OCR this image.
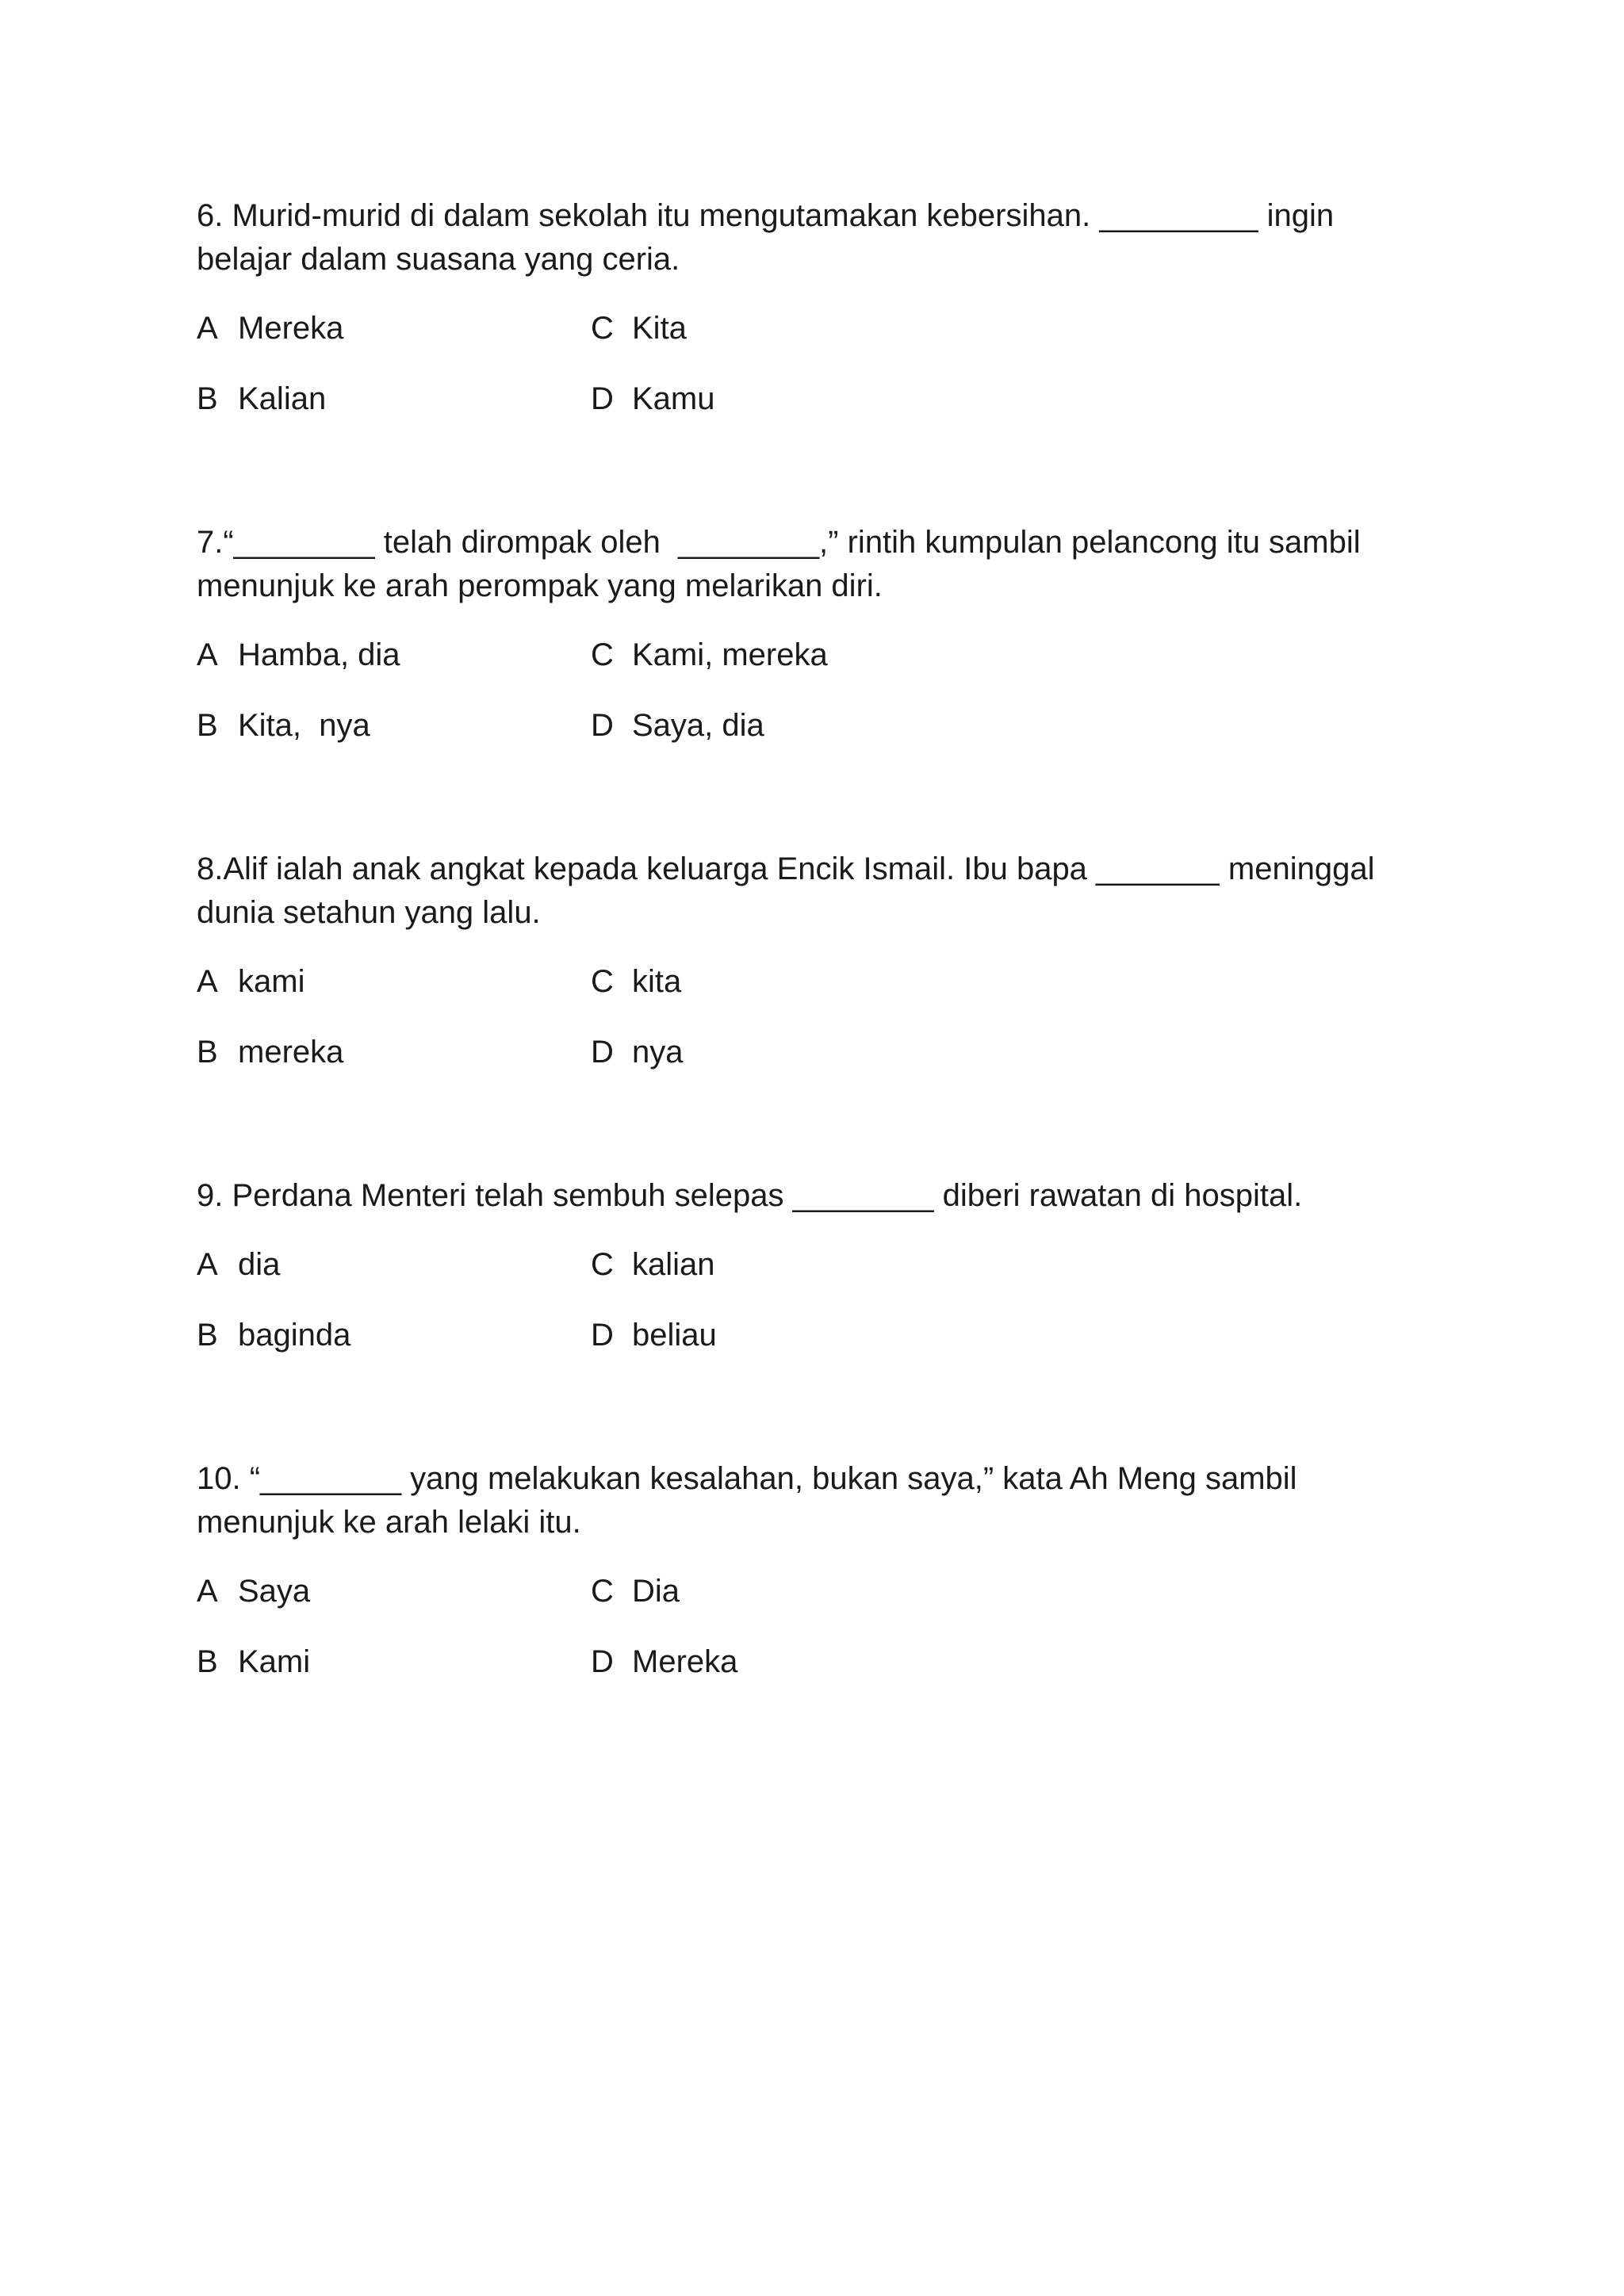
6. Murid-murid di dalam sekolah itu mengutamakan kebersihan. _________ ingin
belajar dalam suasana yang ceria.

A Mereka	C Kita
B Kalian	D Kamu

7.“________ telah dirompak oleh  ________,” rintih kumpulan pelancong itu sambil
menunjuk ke arah perompak yang melarikan diri.

A Hamba, dia	C Kami, mereka
B Kita,  nya	D Saya, dia

8.Alif ialah anak angkat kepada keluarga Encik Ismail. Ibu bapa _______ meninggal
dunia setahun yang lalu.

A kami	C kita
B mereka	D nya

9. Perdana Menteri telah sembuh selepas ________ diberi rawatan di hospital.

A dia	C kalian
B baginda	D beliau

10. “________ yang melakukan kesalahan, bukan saya,” kata Ah Meng sambil
menunjuk ke arah lelaki itu.

A Saya	C Dia
B Kami	D Mereka
